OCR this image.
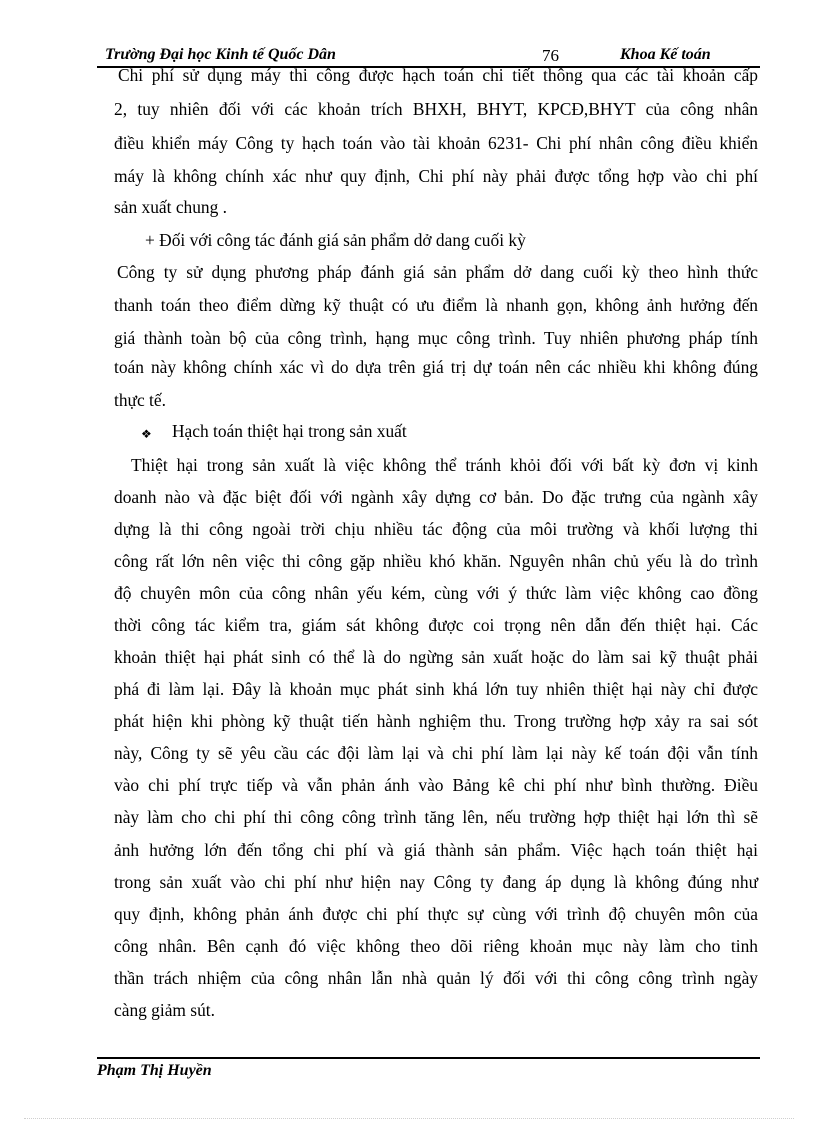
Trường Đại học Kinh tế Quốc Dân	76	Khoa Kế toán
Chi phí sử dụng máy thi công được hạch toán chi tiết thông qua các tài khoản cấp
2, tuy nhiên đối với các khoản trích BHXH, BHYT, KPCĐ,BHYT của công nhân
điều khiển máy Công ty hạch toán vào tài khoản 6231- Chi phí nhân công điều khiển
máy là không chính xác như quy định, Chi phí này phải được tổng hợp vào chi phí
sản xuất chung .
+ Đối với công tác đánh giá sản phẩm dở dang cuối kỳ
Công ty sử dụng phương pháp đánh giá sản phẩm dở dang cuối kỳ theo hình thức
thanh toán theo điểm dừng kỹ thuật có ưu điểm là nhanh gọn, không ảnh hưởng đến
giá thành toàn bộ của công trình, hạng mục công trình. Tuy nhiên phương pháp tính
toán này không chính xác vì do dựa trên giá trị dự toán nên các nhiều khi không đúng
thực tế.
❖ Hạch toán thiệt hại trong sản xuất
Thiệt hại trong sản xuất là việc không thể tránh khỏi đối với bất kỳ đơn vị kinh
doanh nào và đặc biệt đối với ngành xây dựng cơ bản. Do đặc trưng của ngành xây
dựng là thi công ngoài trời chịu nhiều tác động của môi trường và khối lượng thi
công rất lớn nên việc thi công gặp nhiều khó khăn. Nguyên nhân chủ yếu là do trình
độ chuyên môn của công nhân yếu kém, cùng với ý thức làm việc không cao đồng
thời công tác kiểm tra, giám sát không được coi trọng nên dẫn đến thiệt hại. Các
khoản thiệt hại phát sinh có thể là do ngừng sản xuất hoặc do làm sai kỹ thuật phải
phá đi làm lại. Đây là khoản mục phát sinh khá lớn tuy nhiên thiệt hại này chỉ được
phát hiện khi phòng kỹ thuật tiến hành nghiệm thu. Trong trường hợp xảy ra sai sót
này, Công ty sẽ yêu cầu các đội làm lại và chi phí làm lại này kế toán đội vẫn tính
vào chi phí trực tiếp và vẫn phản ánh vào Bảng kê chi phí như bình thường. Điều
này làm cho chi phí thi công công trình tăng lên, nếu trường hợp thiệt hại lớn thì sẽ
ảnh hưởng lớn đến tổng chi phí và giá thành sản phẩm. Việc hạch toán thiệt hại
trong sản xuất vào chi phí như hiện nay Công ty đang áp dụng là không đúng như
quy định, không phản ánh được chi phí thực sự cùng với trình độ chuyên môn của
công nhân. Bên cạnh đó việc không theo dõi riêng khoản mục này làm cho tinh
thần trách nhiệm của công nhân lẫn nhà quản lý đối với thi công công trình ngày
càng giảm sút.
Phạm Thị Huyền
